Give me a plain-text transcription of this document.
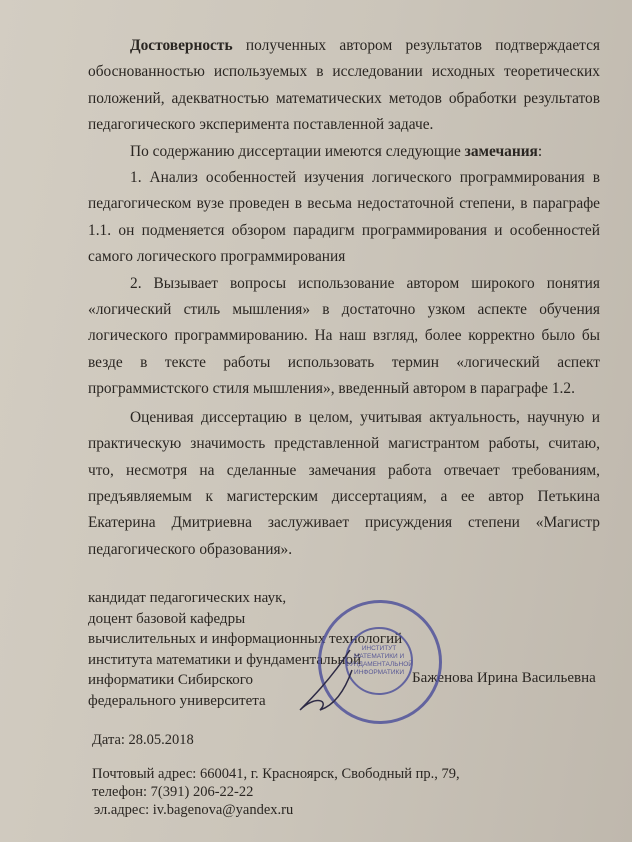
Достоверность полученных автором результатов подтверждается обоснованностью используемых в исследовании исходных теоретических положений, адекватностью математических методов обработки результатов педагогического эксперимента поставленной задаче.

По содержанию диссертации имеются следующие замечания:

1. Анализ особенностей изучения логического программирования в педагогическом вузе проведен в весьма недостаточной степени, в параграфе 1.1. он подменяется обзором парадигм программирования и особенностей самого логического программирования

2. Вызывает вопросы использование автором широкого понятия «логический стиль мышления» в достаточно узком аспекте обучения логического программированию. На наш взгляд, более корректно было бы везде в тексте работы использовать термин «логический аспект программистского стиля мышления», введенный автором в параграфе 1.2.

Оценивая диссертацию в целом, учитывая актуальность, научную и практическую значимость представленной магистрантом работы, считаю, что, несмотря на сделанные замечания работа отвечает требованиям, предъявляемым к магистерским диссертациям, а ее автор Петькина Екатерина Дмитриевна заслуживает присуждения степени «Магистр педагогического образования».

кандидат педагогических наук,
доцент базовой кафедры
вычислительных и информационных технологий
института математики и фундаментальной
информатики Сибирского
федерального университета
Баженова Ирина Васильевна
ИНСТИТУТ МАТЕМАТИКИ И ФУНДАМЕНТАЛЬНОЙ ИНФОРМАТИКИ
Дата: 28.05.2018
Почтовый адрес: 660041, г. Красноярск, Свободный пр., 79,
телефон: 7(391) 206-22-22
эл.адрес: iv.bagenova@yandex.ru
